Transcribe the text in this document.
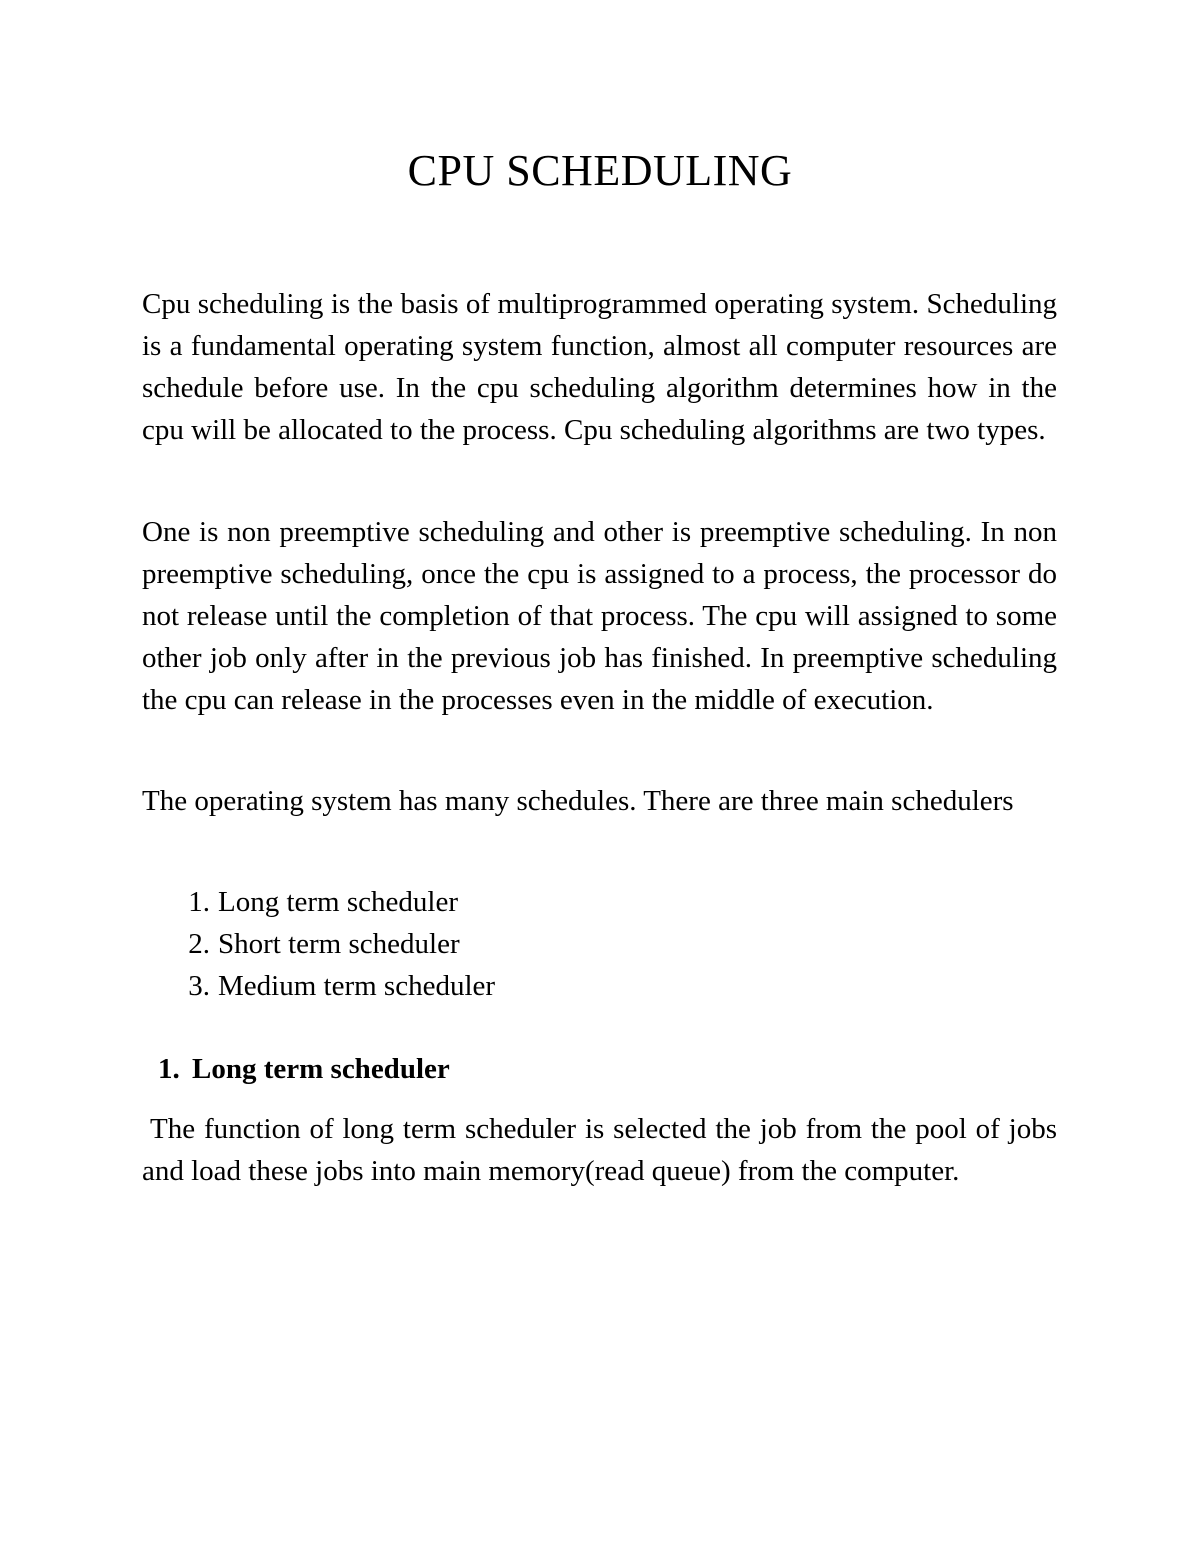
CPU SCHEDULING

Cpu scheduling is the basis of multiprogrammed operating system. Scheduling is a fundamental operating system function, almost all computer resources are schedule before use. In the cpu scheduling algorithm determines how in the cpu will be allocated to the process. Cpu scheduling algorithms are two types.

One is non preemptive scheduling and other is preemptive scheduling. In non preemptive scheduling, once the cpu is assigned to a process, the processor do not release until the completion of that process. The cpu will assigned to some other job only after in the previous job has finished. In preemptive scheduling the cpu can release in the processes even in the middle of execution.

The operating system has many schedules. There are three main schedulers

1. Long term scheduler
2. Short term scheduler
3. Medium term scheduler
1. Long term scheduler

The function of long term scheduler is selected the job from the pool of jobs and load these jobs into main memory(read queue) from the computer.
